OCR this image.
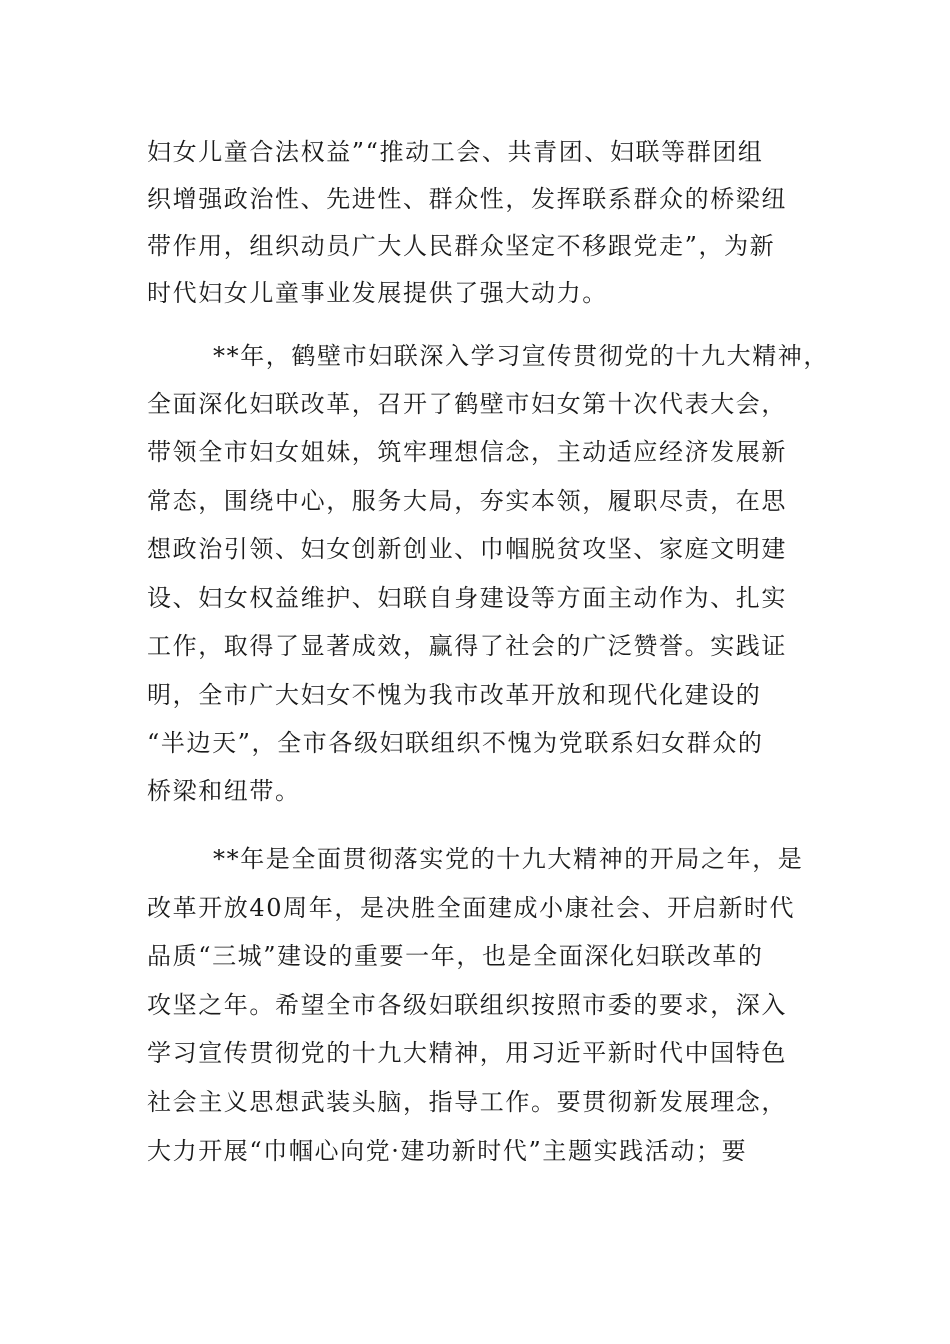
妇女儿童合法权益”“推动工会、共青团、妇联等群团组
织增强政治性、先进性、群众性，发挥联系群众的桥梁纽
带作用，组织动员广大人民群众坚定不移跟党走”，为新
时代妇女儿童事业发展提供了强大动力。
**年，鹤壁市妇联深入学习宣传贯彻党的十九大精神，
全面深化妇联改革，召开了鹤壁市妇女第十次代表大会，
带领全市妇女姐妹，筑牢理想信念，主动适应经济发展新
常态，围绕中心，服务大局，夯实本领，履职尽责，在思
想政治引领、妇女创新创业、巾帼脱贫攻坚、家庭文明建
设、妇女权益维护、妇联自身建设等方面主动作为、扎实
工作，取得了显著成效，赢得了社会的广泛赞誉。实践证
明，全市广大妇女不愧为我市改革开放和现代化建设的
“半边天”，全市各级妇联组织不愧为党联系妇女群众的
桥梁和纽带。
**年是全面贯彻落实党的十九大精神的开局之年，是
改革开放40周年，是决胜全面建成小康社会、开启新时代
品质“三城”建设的重要一年，也是全面深化妇联改革的
攻坚之年。希望全市各级妇联组织按照市委的要求，深入
学习宣传贯彻党的十九大精神，用习近平新时代中国特色
社会主义思想武装头脑，指导工作。要贯彻新发展理念，
大力开展“巾帼心向党·建功新时代”主题实践活动；要
